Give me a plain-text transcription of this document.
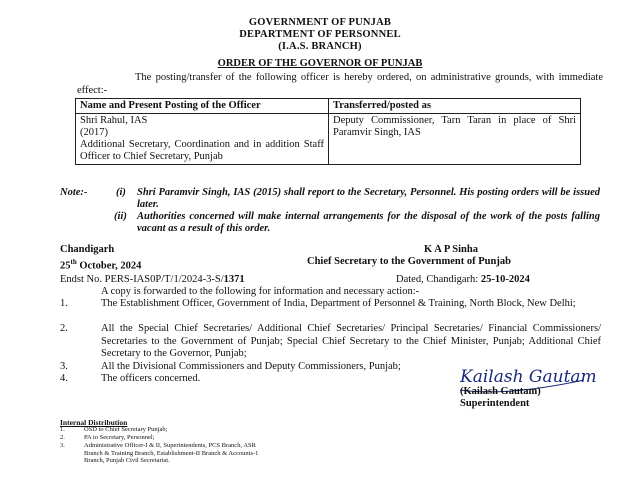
GOVERNMENT OF PUNJAB
DEPARTMENT OF PERSONNEL
(I.A.S. BRANCH)
ORDER OF THE GOVERNOR OF PUNJAB
The posting/transfer of the following officer is hereby ordered, on administrative grounds, with immediate effect:-
Name and Present Posting of the Officer	Transferred/posted as

Shri Rahul, IAS
(2017)
Additional Secretary, Coordination and in addition Staff Officer to Chief Secretary, Punjab	Deputy Commissioner, Tarn Taran in place of Shri Paramvir Singh, IAS
Note:-	(i) Shri Paramvir Singh, IAS (2015) shall report to the Secretary, Personnel. His posting orders will be issued later.
(ii) Authorities concerned will make internal arrangements for the disposal of the work of the posts falling vacant as a result of this order.
Chandigarh
25th October, 2024
K A P Sinha
Chief Secretary to the Government of Punjab
Endst No. PERS-IAS0P/T/1/2024-3-S/1371	Dated, Chandigarh: 25-10-2024
A copy is forwarded to the following for information and necessary action:-
1.	The Establishment Officer, Government of India, Department of Personnel & Training, North Block, New Delhi;
2.	All the Special Chief Secretaries/ Additional Chief Secretaries/ Principal Secretaries/ Financial Commissioners/ Secretaries to the Government of Punjab; Special Chief Secretary to the Chief Minister, Punjab; Additional Chief Secretary to the Governor, Punjab;
3.	All the Divisional Commissioners and Deputy Commissioners, Punjab;
4.	The officers concerned.	Kailash Gautam
(Kailash Gautam)
Superintendent
Internal Distribution
1.	OSD to Chief Secretary Punjab;
2.	PA to Secretary, Personnel;
3.	Administrative Officer-I & II, Superintendents, PCS Branch, ASR Branch & Training Branch, Establishment-II Branch & Accounts-1 Branch, Punjab Civil Secretariat.
